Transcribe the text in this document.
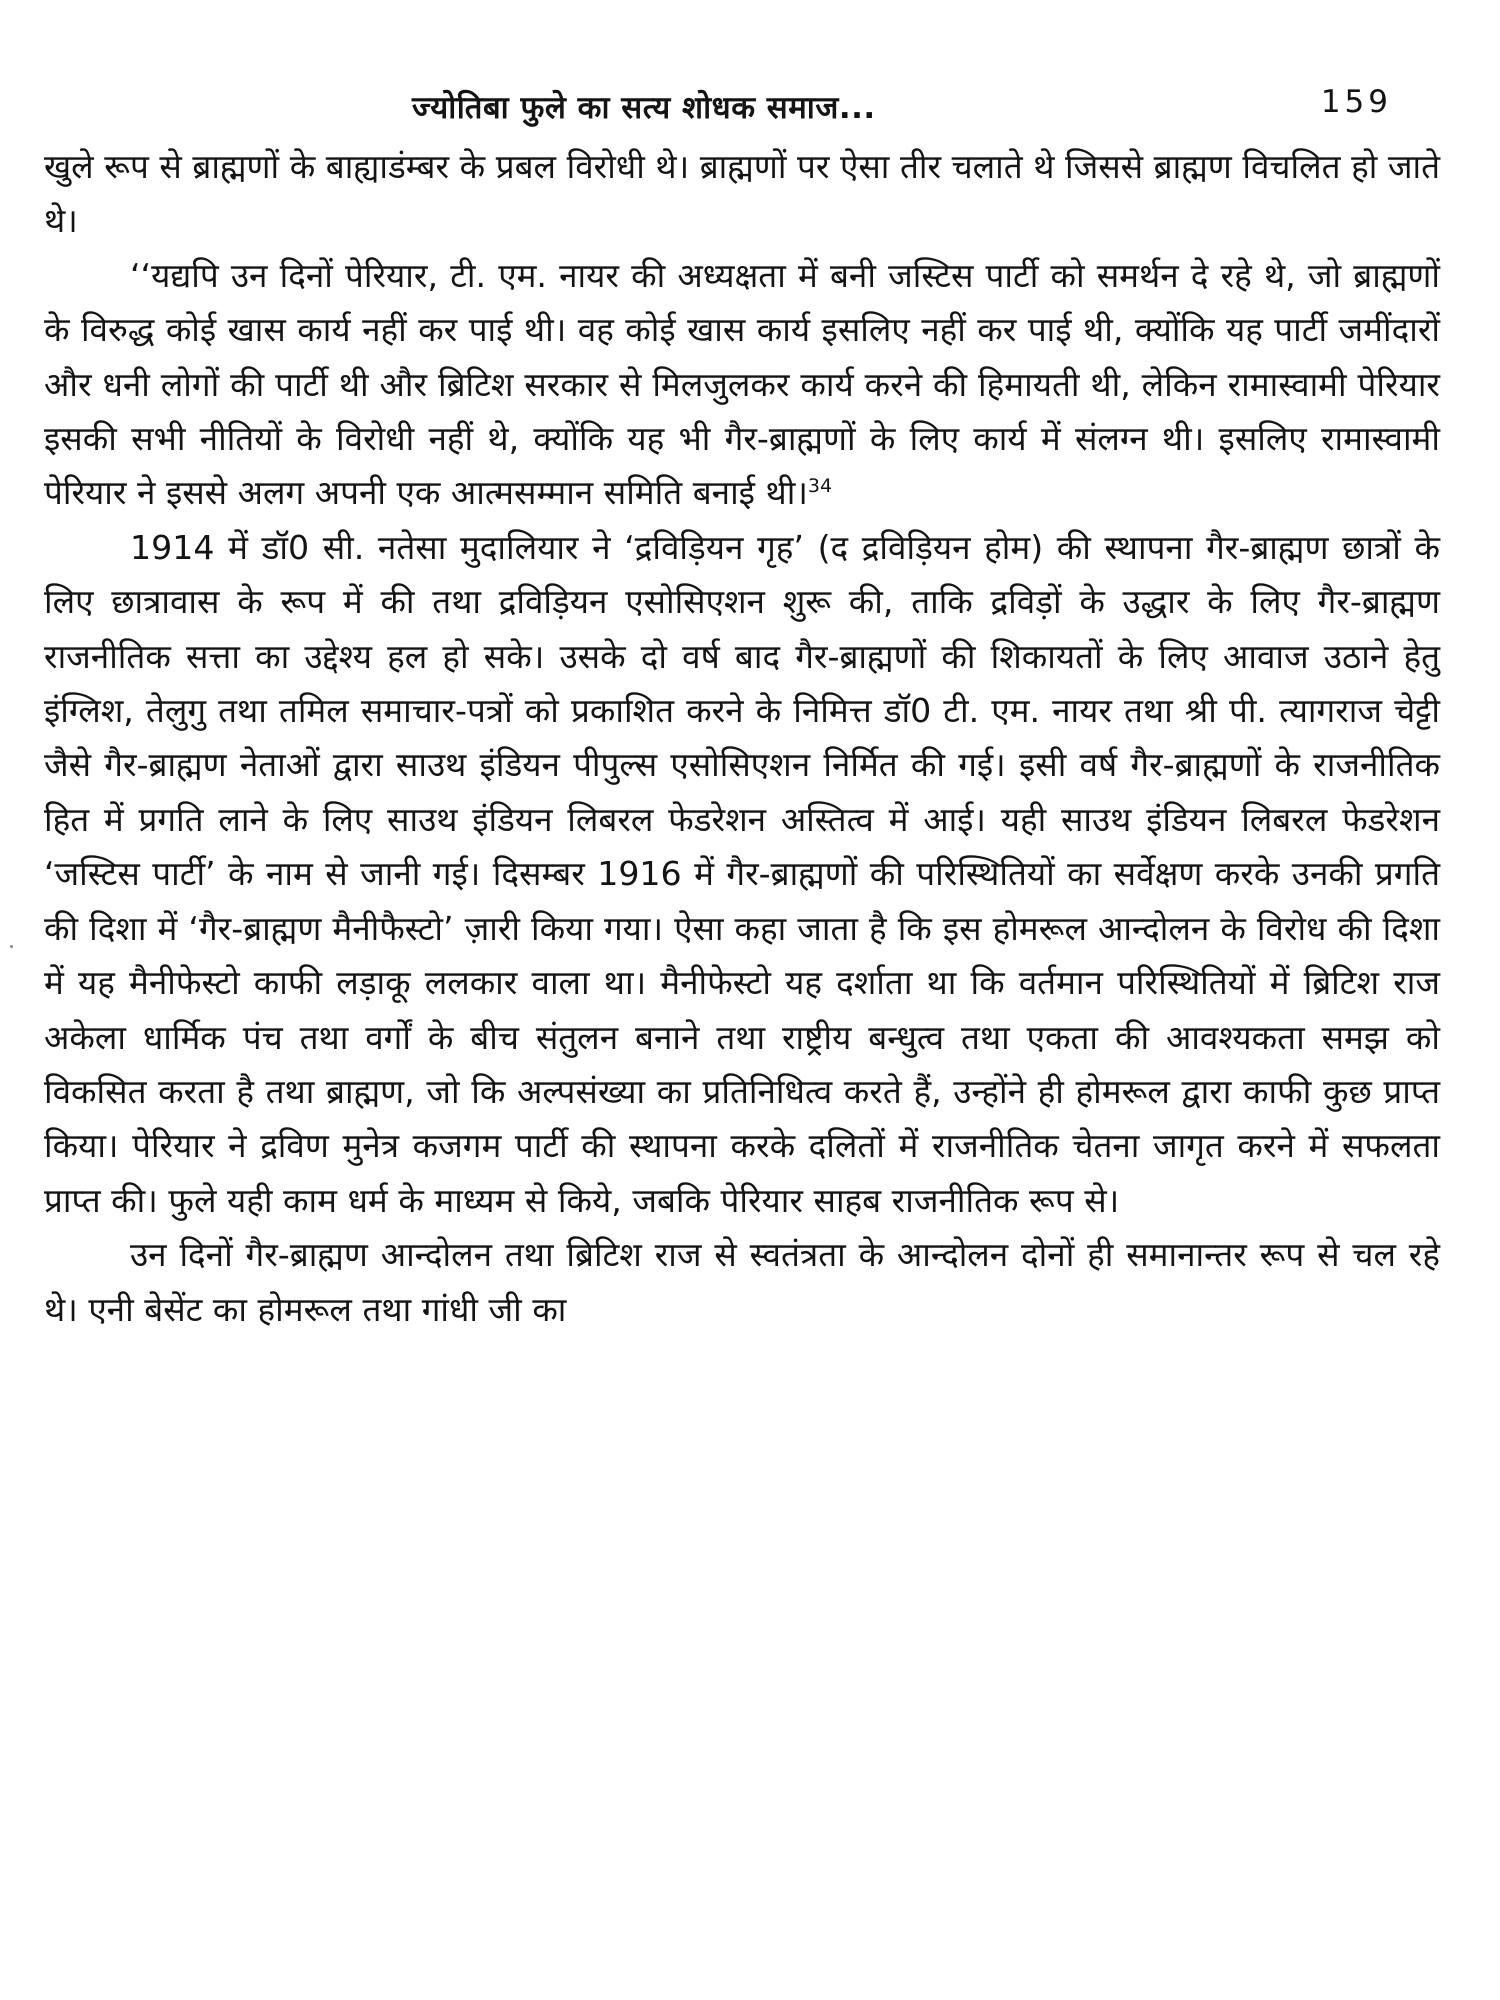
ज्योतिबा फुले का सत्य शोधक समाज...	159

खुले रूप से ब्राह्मणों के बाह्याडंम्बर के प्रबल विरोधी थे। ब्राह्मणों पर ऐसा तीर चलाते थे जिससे ब्राह्मण विचलित हो जाते थे।

‘‘यद्यपि उन दिनों पेरियार, टी. एम. नायर की अध्यक्षता में बनी जस्टिस पार्टी को समर्थन दे रहे थे, जो ब्राह्मणों के विरुद्ध कोई खास कार्य नहीं कर पाई थी। वह कोई खास कार्य इसलिए नहीं कर पाई थी, क्योंकि यह पार्टी जमींदारों और धनी लोगों की पार्टी थी और ब्रिटिश सरकार से मिलजुलकर कार्य करने की हिमायती थी, लेकिन रामास्वामी पेरियार इसकी सभी नीतियों के विरोधी नहीं थे, क्योंकि यह भी गैर-ब्राह्मणों के लिए कार्य में संलग्न थी। इसलिए रामास्वामी पेरियार ने इससे अलग अपनी एक आत्मसम्मान समिति बनाई थी।$^{34}$

1914 में डॉ0 सी. नतेसा मुदालियार ने ‘द्रविड़ियन गृह’ (द द्रविड़ियन होम) की स्थापना गैर-ब्राह्मण छात्रों के लिए छात्रावास के रूप में की तथा द्रविड़ियन एसोसिएशन शुरू की, ताकि द्रविड़ों के उद्धार के लिए गैर-ब्राह्मण राजनीतिक सत्ता का उद्देश्य हल हो सके। उसके दो वर्ष बाद गैर-ब्राह्मणों की शिकायतों के लिए आवाज उठाने हेतु इंग्लिश, तेलुगु तथा तमिल समाचार-पत्रों को प्रकाशित करने के निमित्त डॉ0 टी. एम. नायर तथा श्री पी. त्यागराज चेट्टी जैसे गैर-ब्राह्मण नेताओं द्वारा साउथ इंडियन पीपुल्स एसोसिएशन निर्मित की गई। इसी वर्ष गैर-ब्राह्मणों के राजनीतिक हित में प्रगति लाने के लिए साउथ इंडियन लिबरल फेडरेशन अस्तित्व में आई। यही साउथ इंडियन लिबरल फेडरेशन ‘जस्टिस पार्टी’ के नाम से जानी गई। दिसम्बर 1916 में गैर-ब्राह्मणों की परिस्थितियों का सर्वेक्षण करके उनकी प्रगति की दिशा में ‘गैर-ब्राह्मण मैनीफैस्टो’ ज़ारी किया गया। ऐसा कहा जाता है कि इस होमरूल आन्दोलन के विरोध की दिशा में यह मैनीफेस्टो काफी लड़ाकू ललकार वाला था। मैनीफेस्टो यह दर्शाता था कि वर्तमान परिस्थितियों में ब्रिटिश राज अकेला धार्मिक पंच तथा वर्गों के बीच संतुलन बनाने तथा राष्ट्रीय बन्धुत्व तथा एकता की आवश्यकता समझ को विकसित करता है तथा ब्राह्मण, जो कि अल्पसंख्या का प्रतिनिधित्व करते हैं, उन्होंने ही होमरूल द्वारा काफी कुछ प्राप्त किया। पेरियार ने द्रविण मुनेत्र कजगम पार्टी की स्थापना करके दलितों में राजनीतिक चेतना जागृत करने में सफलता प्राप्त की। फुले यही काम धर्म के माध्यम से किये, जबकि पेरियार साहब राजनीतिक रूप से।

उन दिनों गैर-ब्राह्मण आन्दोलन तथा ब्रिटिश राज से स्वतंत्रता के आन्दोलन दोनों ही समानान्तर रूप से चल रहे थे। एनी बेसेंट का होमरूल तथा गांधी जी का
